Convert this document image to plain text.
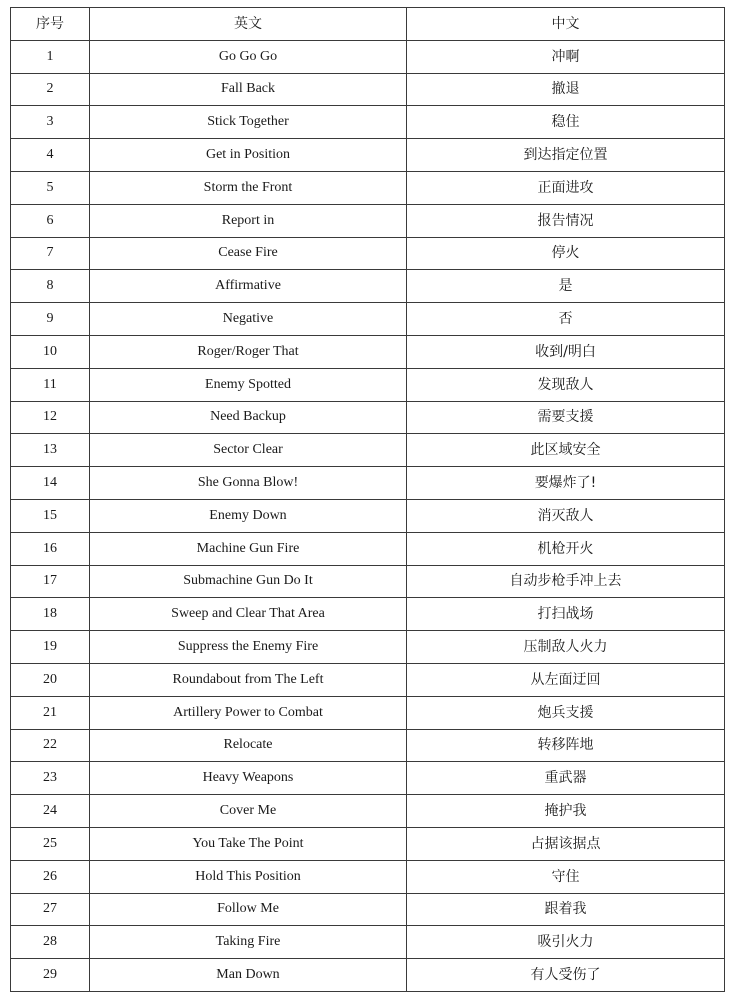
序号	英文	中文
1	Go Go Go	冲啊
2	Fall Back	撤退
3	Stick Together	稳住
4	Get in Position	到达指定位置
5	Storm the Front	正面进攻
6	Report in	报告情况
7	Cease Fire	停火
8	Affirmative	是
9	Negative	否
10	Roger/Roger That	收到/明白
11	Enemy Spotted	发现敌人
12	Need Backup	需要支援
13	Sector Clear	此区域安全
14	She Gonna Blow!	要爆炸了!
15	Enemy Down	消灭敌人
16	Machine Gun Fire	机枪开火
17	Submachine Gun Do It	自动步枪手冲上去
18	Sweep and Clear That Area	打扫战场
19	Suppress the Enemy Fire	压制敌人火力
20	Roundabout from The Left	从左面迂回
21	Artillery Power to Combat	炮兵支援
22	Relocate	转移阵地
23	Heavy Weapons	重武器
24	Cover Me	掩护我
25	You Take The Point	占据该据点
26	Hold This Position	守住
27	Follow Me	跟着我
28	Taking Fire	吸引火力
29	Man Down	有人受伤了
